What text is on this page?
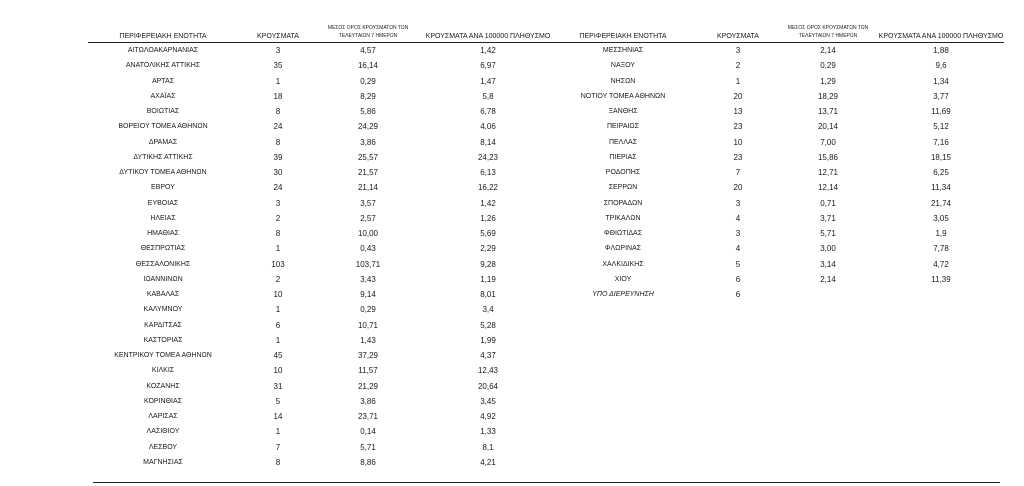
ΠΕΡΙΦΕΡΕΙΑΚΗ ΕΝΟΤΗΤΑ	ΚΡΟΥΣΜΑΤΑ
ΜΕΣΟΣ ΟΡΟΣ ΚΡΟΥΣΜΑΤΩΝ ΤΩΝ
ΤΕΛΕΥΤΑΙΩΝ 7 ΗΜΕΡΩΝ	ΚΡΟΥΣΜΑΤΑ ΑΝΑ 100000 ΠΛΗΘΥΣΜΟ
ΑΙΤΩΛΟΑΚΑΡΝΑΝΙΑΣ	3	4,57	1,42
ΑΝΑΤΟΛΙΚΗΣ ΑΤΤΙΚΗΣ	35	16,14	6,97
ΑΡΤΑΣ	1	0,29	1,47
ΑΧΑΪΑΣ	18	8,29	5,8
ΒΟΙΩΤΙΑΣ	8	5,86	6,78
ΒΟΡΕΙΟΥ ΤΟΜΕΑ ΑΘΗΝΩΝ	24	24,29	4,06
ΔΡΑΜΑΣ	8	3,86	8,14
ΔΥΤΙΚΗΣ ΑΤΤΙΚΗΣ	39	25,57	24,23
ΔΥΤΙΚΟΥ ΤΟΜΕΑ ΑΘΗΝΩΝ	30	21,57	6,13
ΕΒΡΟΥ	24	21,14	16,22
ΕΥΒΟΙΑΣ	3	3,57	1,42
ΗΛΕΙΑΣ	2	2,57	1,26
ΗΜΑΘΙΑΣ	8	10,00	5,69
ΘΕΣΠΡΩΤΙΑΣ	1	0,43	2,29
ΘΕΣΣΑΛΟΝΙΚΗΣ	103	103,71	9,28
ΙΩΑΝΝΙΝΩΝ	2	3,43	1,19
ΚΑΒΑΛΑΣ	10	9,14	8,01
ΚΑΛΥΜΝΟΥ	1	0,29	3,4
ΚΑΡΔΙΤΣΑΣ	6	10,71	5,28
ΚΑΣΤΟΡΙΑΣ	1	1,43	1,99
ΚΕΝΤΡΙΚΟΥ ΤΟΜΕΑ ΑΘΗΝΩΝ	45	37,29	4,37
ΚΙΛΚΙΣ	10	11,57	12,43
ΚΟΖΑΝΗΣ	31	21,29	20,64
ΚΟΡΙΝΘΙΑΣ	5	3,86	3,45
ΛΑΡΙΣΑΣ	14	23,71	4,92
ΛΑΣΙΘΙΟΥ	1	0,14	1,33
ΛΕΣΒΟΥ	7	5,71	8,1
ΜΑΓΝΗΣΙΑΣ	8	8,86	4,21
ΠΕΡΙΦΕΡΕΙΑΚΗ ΕΝΟΤΗΤΑ	ΚΡΟΥΣΜΑΤΑ
ΜΕΣΟΣ ΟΡΟΣ ΚΡΟΥΣΜΑΤΩΝ ΤΩΝ
ΤΕΛΕΥΤΑΙΩΝ 7 ΗΜΕΡΩΝ	ΚΡΟΥΣΜΑΤΑ ΑΝΑ 100000 ΠΛΗΘΥΣΜΟ
ΜΕΣΣΗΝΙΑΣ	3	2,14	1,88
ΝΑΞΟΥ	2	0,29	9,6
ΝΗΣΩΝ	1	1,29	1,34
ΝΟΤΙΟΥ ΤΟΜΕΑ ΑΘΗΝΩΝ	20	18,29	3,77
ΞΑΝΘΗΣ	13	13,71	11,69
ΠΕΙΡΑΙΩΣ	23	20,14	5,12
ΠΕΛΛΑΣ	10	7,00	7,16
ΠΙΕΡΙΑΣ	23	15,86	18,15
ΡΟΔΟΠΗΣ	7	12,71	6,25
ΣΕΡΡΩΝ	20	12,14	11,34
ΣΠΟΡΑΔΩΝ	3	0,71	21,74
ΤΡΙΚΑΛΩΝ	4	3,71	3,05
ΦΘΙΩΤΙΔΑΣ	3	5,71	1,9
ΦΛΩΡΙΝΑΣ	4	3,00	7,78
ΧΑΛΚΙΔΙΚΗΣ	5	3,14	4,72
ΧΙΟΥ	6	2,14	11,39
ΥΠΟ ΔΙΕΡΕΥΝΗΣΗ	6
